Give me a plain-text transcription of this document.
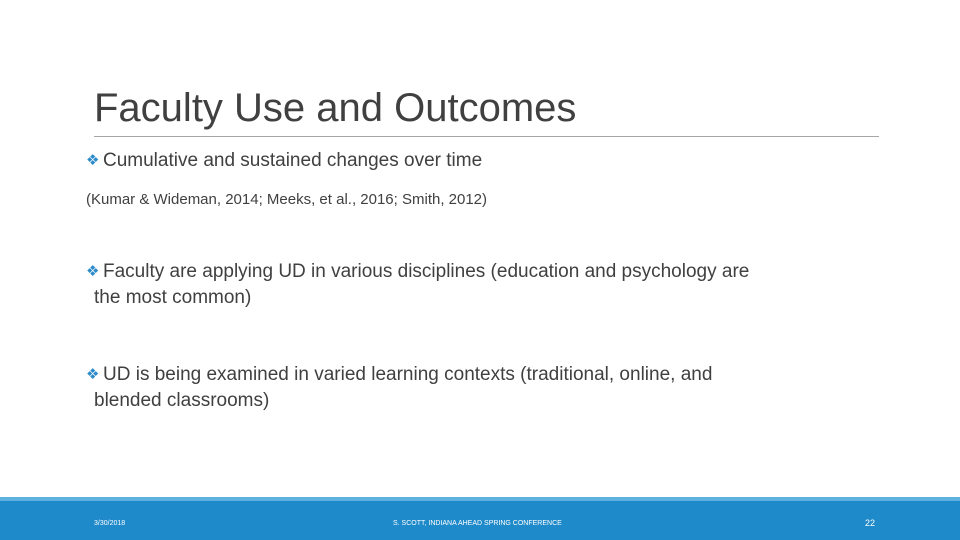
Faculty Use and Outcomes
❖ Cumulative and sustained changes over time
(Kumar & Wideman, 2014; Meeks, et al., 2016; Smith, 2012)
❖ Faculty are applying UD in various disciplines (education and psychology are
the most common)
❖ UD is being examined in varied learning contexts (traditional, online, and
blended classrooms)
3/30/2018	S. SCOTT, INDIANA AHEAD SPRING CONFERENCE	22
